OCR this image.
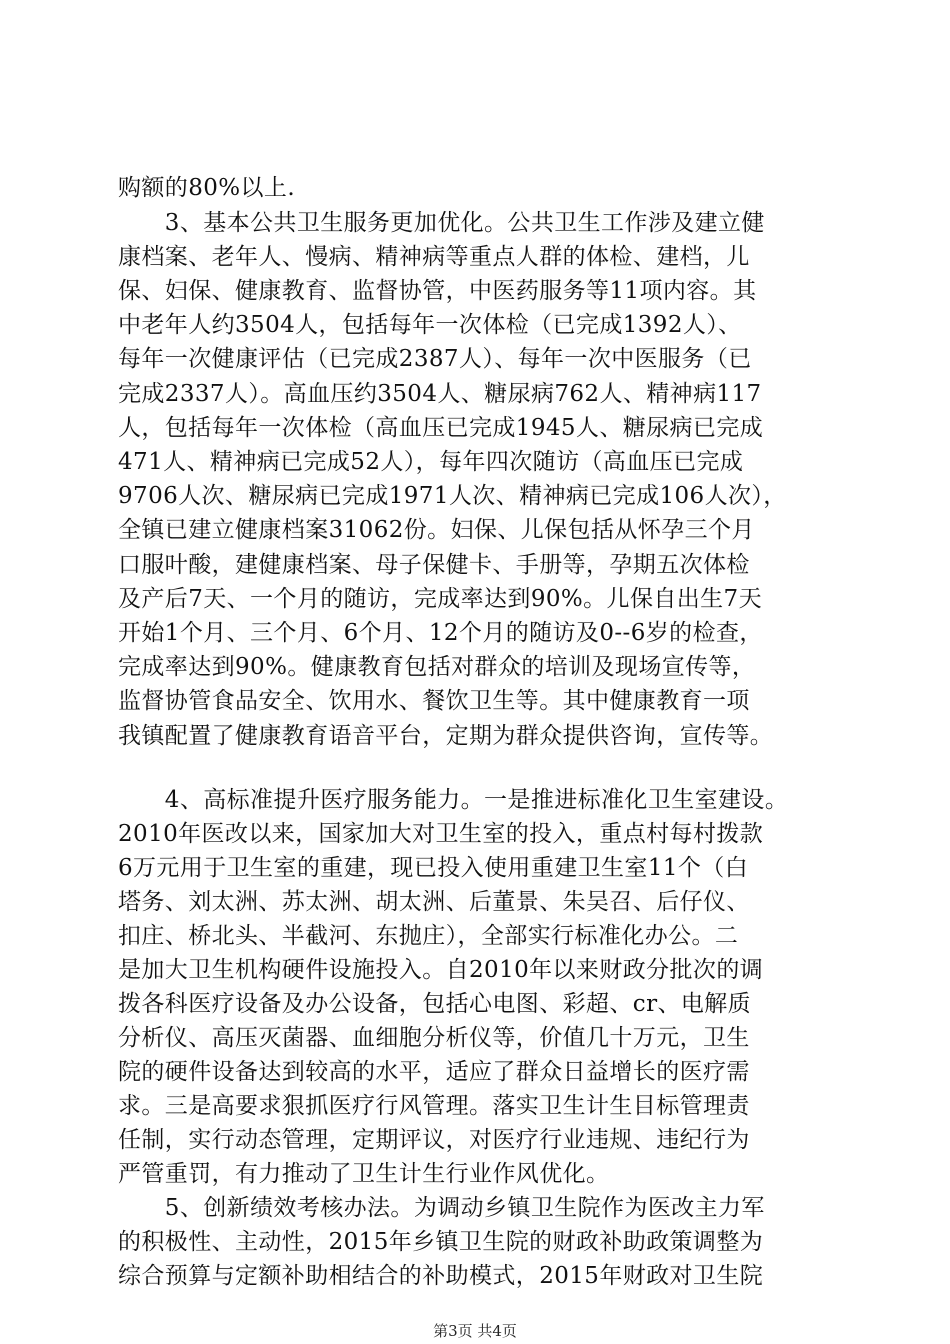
购额的80%以上.
　　3、基本公共卫生服务更加优化。公共卫生工作涉及建立健
康档案、老年人、慢病、精神病等重点人群的体检、建档，儿
保、妇保、健康教育、监督协管，中医药服务等11项内容。其
中老年人约3504人，包括每年一次体检（已完成1392人）、
每年一次健康评估（已完成2387人）、每年一次中医服务（已
完成2337人）。高血压约3504人、糖尿病762人、精神病117
人，包括每年一次体检（高血压已完成1945人、糖尿病已完成
471人、精神病已完成52人），每年四次随访（高血压已完成
9706人次、糖尿病已完成1971人次、精神病已完成106人次），
全镇已建立健康档案31062份。妇保、儿保包括从怀孕三个月
口服叶酸，建健康档案、母子保健卡、手册等，孕期五次体检
及产后7天、一个月的随访，完成率达到90%。儿保自出生7天
开始1个月、三个月、6个月、12个月的随访及0--6岁的检查，
完成率达到90%。健康教育包括对群众的培训及现场宣传等，
监督协管食品安全、饮用水、餐饮卫生等。其中健康教育一项
我镇配置了健康教育语音平台，定期为群众提供咨询，宣传等。
　　4、高标准提升医疗服务能力。一是推进标准化卫生室建设。
2010年医改以来，国家加大对卫生室的投入，重点村每村拨款
6万元用于卫生室的重建，现已投入使用重建卫生室11个（白
塔务、刘太洲、苏太洲、胡太洲、后董景、朱吴召、后仔仪、
扣庄、桥北头、半截河、东抛庄），全部实行标准化办公。二
是加大卫生机构硬件设施投入。自2010年以来财政分批次的调
拨各科医疗设备及办公设备，包括心电图、彩超、cr、电解质
分析仪、高压灭菌器、血细胞分析仪等，价值几十万元，卫生
院的硬件设备达到较高的水平，适应了群众日益增长的医疗需
求。三是高要求狠抓医疗行风管理。落实卫生计生目标管理责
任制，实行动态管理，定期评议，对医疗行业违规、违纪行为
严管重罚，有力推动了卫生计生行业作风优化。
　　5、创新绩效考核办法。为调动乡镇卫生院作为医改主力军
的积极性、主动性，2015年乡镇卫生院的财政补助政策调整为
综合预算与定额补助相结合的补助模式，2015年财政对卫生院
第3页 共4页
